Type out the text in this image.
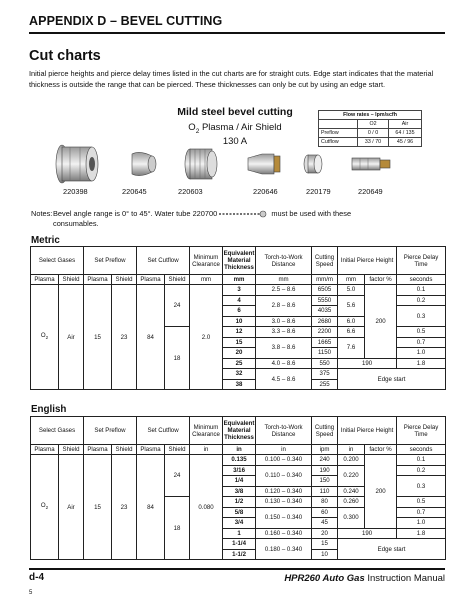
APPENDIX D – BEVEL CUTTING
Cut charts
Initial pierce heights and pierce delay times listed in the cut charts are for straight cuts. Edge start indicates that the material thickness is outside the range that can be pierced. These thicknesses can only be cut by using an edge start.
Mild steel bevel cutting
$O_2$ Plasma / Air Shield
130 A
Flow rates – lpm/scfh		
	O2	Air
Preflow	0 / 0	64 / 135
Cutflow	33 / 70	45 / 96
220398	220645	220603	220646	220179	220649
Notes: Bevel angle range is 0° to 45°. Water tube 220700	must be used with these
consumables.
Metric
Select Gases		Set Preflow		Set Cutflow		Minimum Clearance	Equivalent Material Thickness	Torch-to-Work Distance	Cutting Speed	Initial Pierce Height		Pierce Delay Time
Plasma	Shield	Plasma	Shield	Plasma	Shield	mm	mm	mm	mm/m	mm	factor %	seconds
$O_2$	Air	15	23	84	24	2.0	3	2.5 – 8.6	6505	5.0	200	0.1
							4	2.8 – 8.6	5550	5.6		0.2
							6		4035			0.3
							10	3.0 – 8.6	2680	6.0		
					18		12	3.3 – 8.6	2200	6.6		0.5
							15	3.8 – 8.6	1665	7.6		0.7
							20		1150			1.0
							25	4.0 – 8.6	550	190		1.8
							32	4.5 – 8.6	375	Edge start		
							38		255			
English
Select Gases		Set Preflow		Set Cutflow		Minimum Clearance	Equivalent Material Thickness	Torch-to-Work Distance	Cutting Speed	Initial Pierce Height		Pierce Delay Time
Plasma	Shield	Plasma	Shield	Plasma	Shield	in	in	in	ipm	in	factor %	seconds
$O_2$	Air	15	23	84	24	0.080	0.135	0.100 – 0.340	240	0.200	200	0.1
							3/16	0.110 – 0.340	190	0.220		0.2
							1/4		150			0.3
							3/8	0.120 – 0.340	110	0.240		
					18		1/2	0.130 – 0.340	80	0.260		0.5
							5/8	0.150 – 0.340	60	0.300		0.7
							3/4		45			1.0
							1	0.160 – 0.340	20	190		1.8
							1-1/4	0.180 – 0.340	15	Edge start		
							1-1/2		10			
d-4	HPR260 Auto Gas Instruction Manual
5
